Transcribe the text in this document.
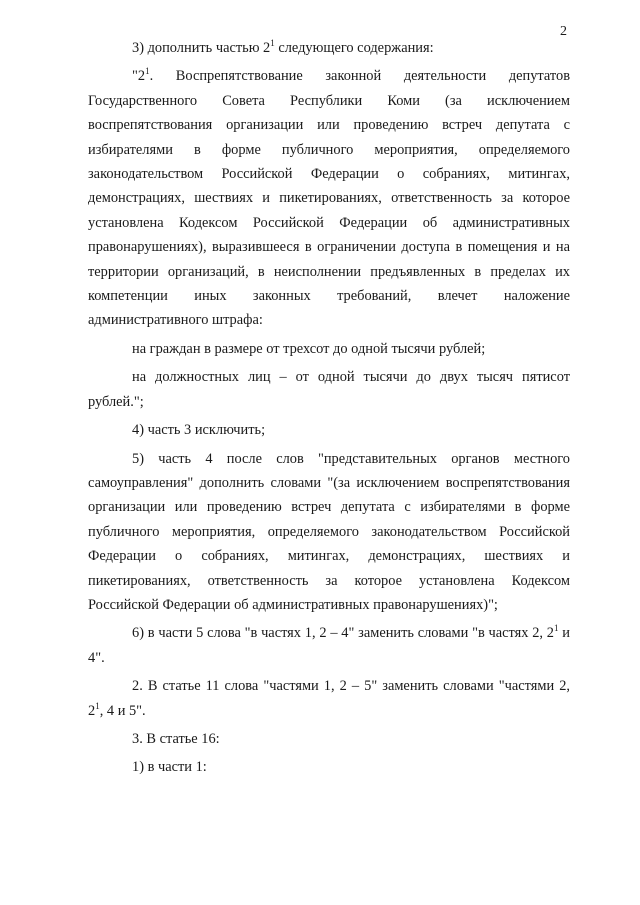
2

3) дополнить частью $2^1$ следующего содержания:

"$2^1$. Воспрепятствование законной деятельности депутатов Государственного Совета Республики Коми (за исключением воспрепятствования организации или проведению встреч депутата с избирателями в форме публичного мероприятия, определяемого законодательством Российской Федерации о собраниях, митингах, демонстрациях, шествиях и пикетированиях, ответственность за которое установлена Кодексом Российской Федерации об административных правонарушениях), выразившееся в ограничении доступа в помещения и на территории организаций, в неисполнении предъявленных в пределах их компетенции иных законных требований, влечет наложение административного штрафа:

на граждан в размере от трехсот до одной тысячи рублей;

на должностных лиц – от одной тысячи до двух тысяч пятисот рублей.";

4) часть 3 исключить;

5) часть 4 после слов "представительных органов местного самоуправления" дополнить словами "(за исключением воспрепятствования организации или проведению встреч депутата с избирателями в форме публичного мероприятия, определяемого законодательством Российской Федерации о собраниях, митингах, демонстрациях, шествиях и пикетированиях, ответственность за которое установлена Кодексом Российской Федерации об административных правонарушениях)";

6) в части 5 слова "в частях 1, 2 – 4" заменить словами "в частях 2, $2^1$ и 4".

2. В статье 11 слова "частями 1, 2 – 5" заменить словами "частями 2, $2^1$, 4 и 5".

3. В статье 16:

1) в части 1:
